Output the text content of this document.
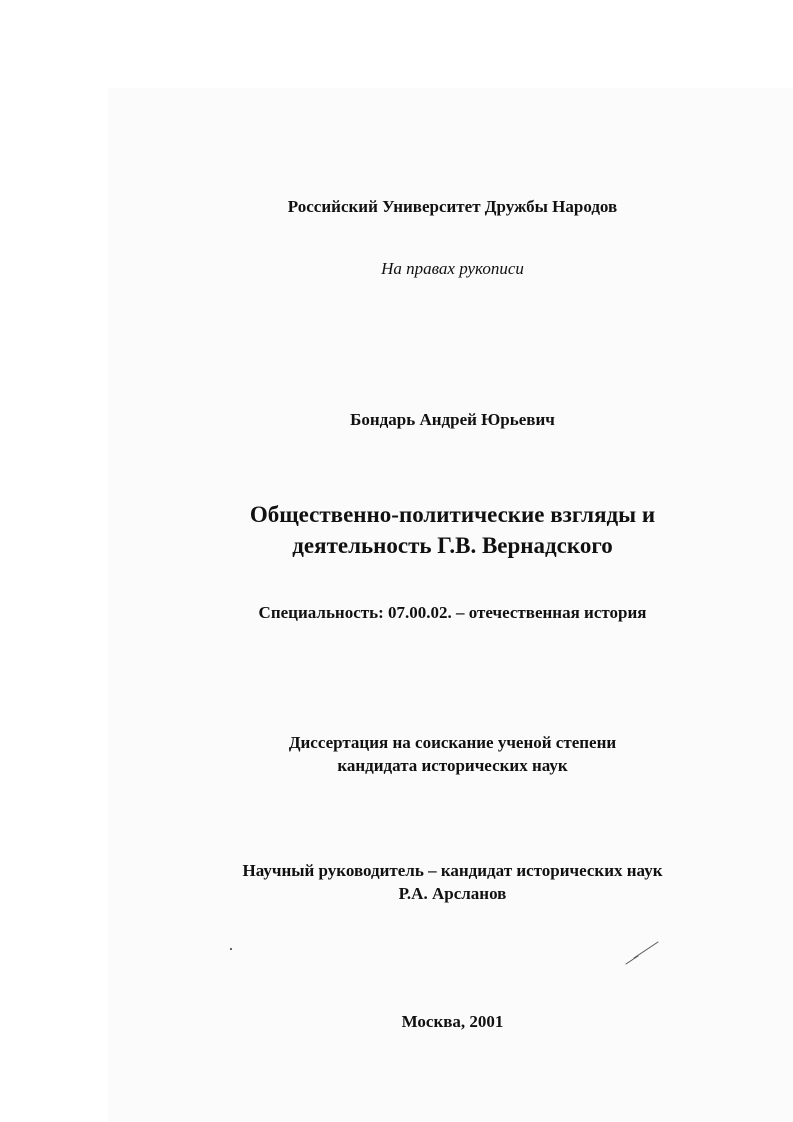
Российский Университет Дружбы Народов
На правах рукописи
Бондарь Андрей Юрьевич
Общественно-политические взгляды и
деятельность Г.В. Вернадского
Специальность: 07.00.02. – отечественная история
Диссертация на соискание ученой степени
кандидата исторических наук
Научный руководитель – кандидат исторических наук
Р.А. Арсланов
Москва, 2001
